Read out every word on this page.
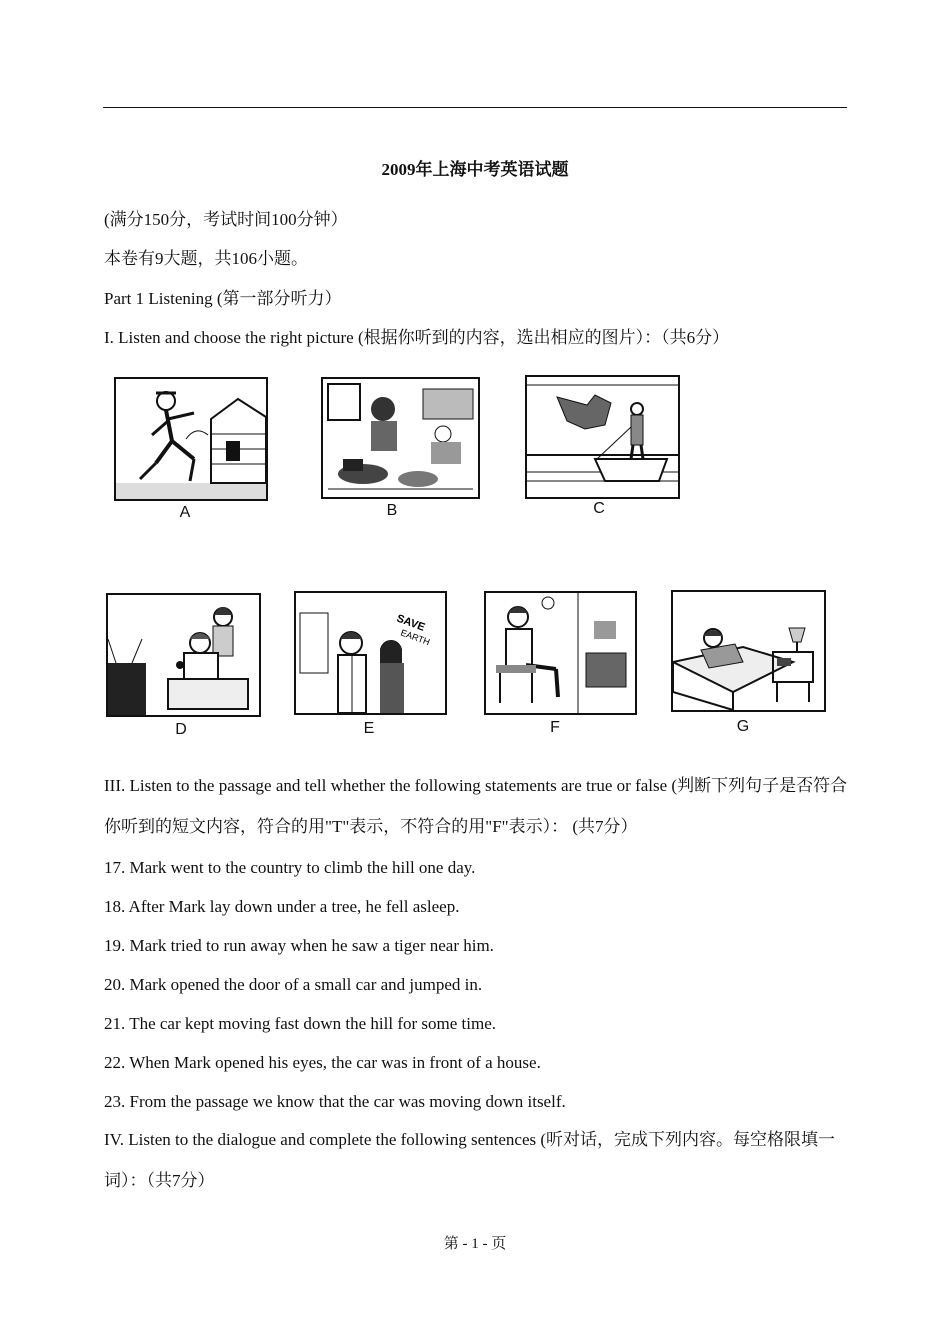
2009年上海中考英语试题
(满分150分，考试时间100分钟）
本卷有9大题，共106小题。
Part 1 Listening (第一部分听力）
I. Listen and choose the right picture (根据你听到的内容，选出相应的图片）：（共6分）
A	B	C
D
SAVE
EARTH
E	F	G
III. Listen to the passage and tell whether the following statements are true or false (判断下列句子是否符合你听到的短文内容，符合的用"T"表示，不符合的用"F"表示）： (共7分）
17. Mark went to the country to climb the hill one day.
18. After Mark lay down under a tree, he fell asleep.
19. Mark tried to run away when he saw a tiger near him.
20. Mark opened the door of a small car and jumped in.
21. The car kept moving fast down the hill for some time.
22. When Mark opened his eyes, the car was in front of a house.
23. From the passage we know that the car was moving down itself.
IV. Listen to the dialogue and complete the following sentences (听对话，完成下列内容。每空格限填一词）：（共7分）
第 - 1 - 页
